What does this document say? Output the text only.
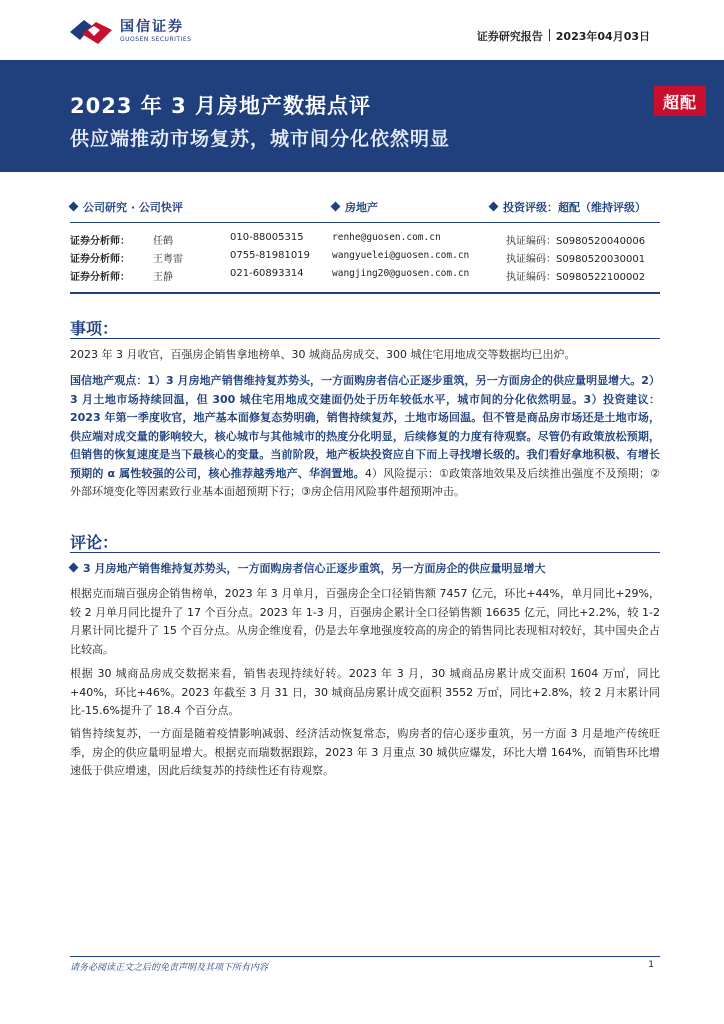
国信证券
GUOSEN SECURITIES	证券研究报告 2023年04月03日
2023 年 3 月房地产数据点评
供应端推动市场复苏，城市间分化依然明显
超配
公司研究 · 公司快评	房地产	投资评级：超配（维持评级）
证券分析师： 任鹤	010-88005315	renhe@guosen.com.cn	执证编码：S0980520040006
证券分析师： 王粤雷	0755-81981019 wangyuelei@guosen.com.cn	执证编码：S0980520030001
证券分析师： 王静	021-60893314	wangjing20@guosen.com.cn	执证编码：S0980522100002
事项：
2023 年 3 月收官，百强房企销售拿地榜单、30 城商品房成交、300 城住宅用地成交等数据均已出炉。
国信地产观点：1）3 月房地产销售维持复苏势头，一方面购房者信心正逐步重筑，另一方面房企的供应量明显增大。2）3 月土地市场持续回温，但 300 城住宅用地成交建面仍处于历年较低水平，城市间的分化依然明显。3）投资建议：2023 年第一季度收官，地产基本面修复态势明确，销售持续复苏，土地市场回温。但不管是商品房市场还是土地市场，供应端对成交量的影响较大，核心城市与其他城市的热度分化明显，后续修复的力度有待观察。尽管仍有政策放松预期，但销售的恢复速度是当下最核心的变量。当前阶段，地产板块投资应自下而上寻找增长级的。我们看好拿地积极、有增长预期的 α 属性较强的公司，核心推荐越秀地产、华润置地。4）风险提示：①政策落地效果及后续推出强度不及预期；②外部环境变化等因素致行业基本面超预期下行；③房企信用风险事件超预期冲击。
评论：
3 月房地产销售维持复苏势头，一方面购房者信心正逐步重筑，另一方面房企的供应量明显增大
根据克而瑞百强房企销售榜单，2023 年 3 月单月，百强房企全口径销售额 7457 亿元，环比+44%，单月同比+29%，较 2 月单月同比提升了 17 个百分点。2023 年 1-3 月，百强房企累计全口径销售额 16635 亿元，同比+2.2%，较 1-2 月累计同比提升了 15 个百分点。从房企维度看，仍是去年拿地强度较高的房企的销售同比表现相对较好，其中国央企占比较高。
根据 30 城商品房成交数据来看，销售表现持续好转。2023 年 3 月，30 城商品房累计成交面积 1604 万㎡，同比+40%，环比+46%。2023 年截至 3 月 31 日，30 城商品房累计成交面积 3552 万㎡，同比+2.8%，较 2 月末累计同比-15.6%提升了 18.4 个百分点。
销售持续复苏，一方面是随着疫情影响减弱、经济活动恢复常态，购房者的信心逐步重筑，另一方面 3 月是地产传统旺季，房企的供应量明显增大。根据克而瑞数据跟踪，2023 年 3 月重点 30 城供应爆发，环比大增 164%，而销售环比增速低于供应增速，因此后续复苏的持续性还有待观察。
请务必阅读正文之后的免责声明及其项下所有内容	1
